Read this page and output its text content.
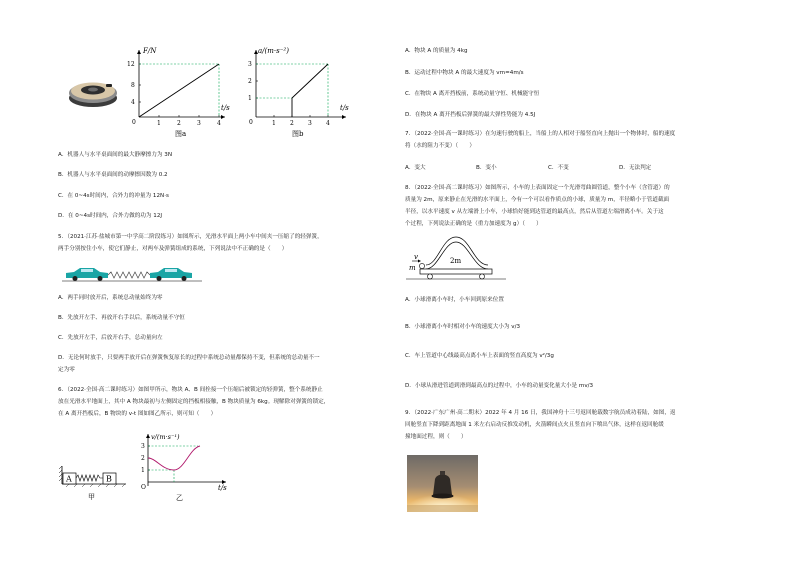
F/N
12
8
4
0	1	2	3	4
t/s
图a
a/(m·s⁻²)
3
2
1
0	1 2 3 4
t/s
图b
A．机器人与水平桌面间的最大静摩擦力为 3N
B．机器人与水平桌面间的动摩擦因数为 0.2
C．在 0~4s时间内，合外力的冲量为 12N·s
D．在 0~4s时间内，合外力做的功为 12J
5．（2021·江苏·盐城市第一中学高二阶段练习）如图所示，光滑水平面上两小车中间夹一压缩了的轻弹簧，
两手分别按住小车，使它们静止，对两车及弹簧组成的系统，下列说法中不正确的是（　　）
A．两手同时放开后，系统总动量始终为零
B．先放开左手、再放开右手以后，系统动量不守恒
C．先放开左手，后放开右手，总动量向左
D．无论何时放手，只要两手放开后在弹簧恢复原长的过程中系统总动量都保持不变，但系统的总动量不一
定为零
6．（2022·全国·高二课时练习）如图甲所示，物块 A、B 间拴接一个压缩后被锁定的轻弹簧，整个系统静止
放在光滑水平地面上，其中 A 物块最初与左侧固定的挡板相接触，B 物块质量为 6kg。现解除对弹簧的锁定，
在 A 离开挡板后，B 物块的 v-t 图如图乙所示，则可知（　　）
A	B
甲
v/(m·s⁻¹)
3
2
1
O	t/s
乙
A．物块 A 的质量为 4kg
B．运动过程中物块 A 的最大速度为 vm=4m/s
C．在物块 A 离开挡板前，系统动量守恒、机械能守恒
D．在物块 A 离开挡板后弹簧的最大弹性势能为 4.5J
7．（2022·全国·高一课时练习）在匀速行驶的船上，当船上的人相对于船竖直向上抛出一个物体时，船的速度
将（水的阻力不变）（　　）
A．变大	B．变小	C．不变	D．无法判定
8．（2022·全国·高二课时练习）如图所示，小车的上表面固定一个光滑弯曲圆管道，整个小车（含管道）的
质量为 2m，原来静止在光滑的水平面上，今有一个可以看作质点的小球，质量为 m，半径略小于管道截面
半径，以水平速度 v 从左端滑上小车，小球恰好能到达管道的最高点，然后从管道左端滑离小车。关于这
个过程，下列说法正确的是（重力加速度为 g）（　　）
m
v	2m
A．小球滑离小车时，小车回到原来位置
B．小球滑离小车时相对小车的速度大小为 v/3
C．车上管道中心线最高点离小车上表面的竖直高度为 v²/3g
D．小球从滑进管道到滑到最高点的过程中，小车的动量变化量大小是 mv/3
9．（2022·广东广州·高二期末）2022 年 4 月 16 日，我国神舟十三号返回舱载数字航员成功着陆，如图，返
回舱竖直下降到距离地面 1 米左右启动反推发动机，火箭瞬间点火且竖直向下喷出气体，这样在返回舱缓
撞地面过程，则（　　）
